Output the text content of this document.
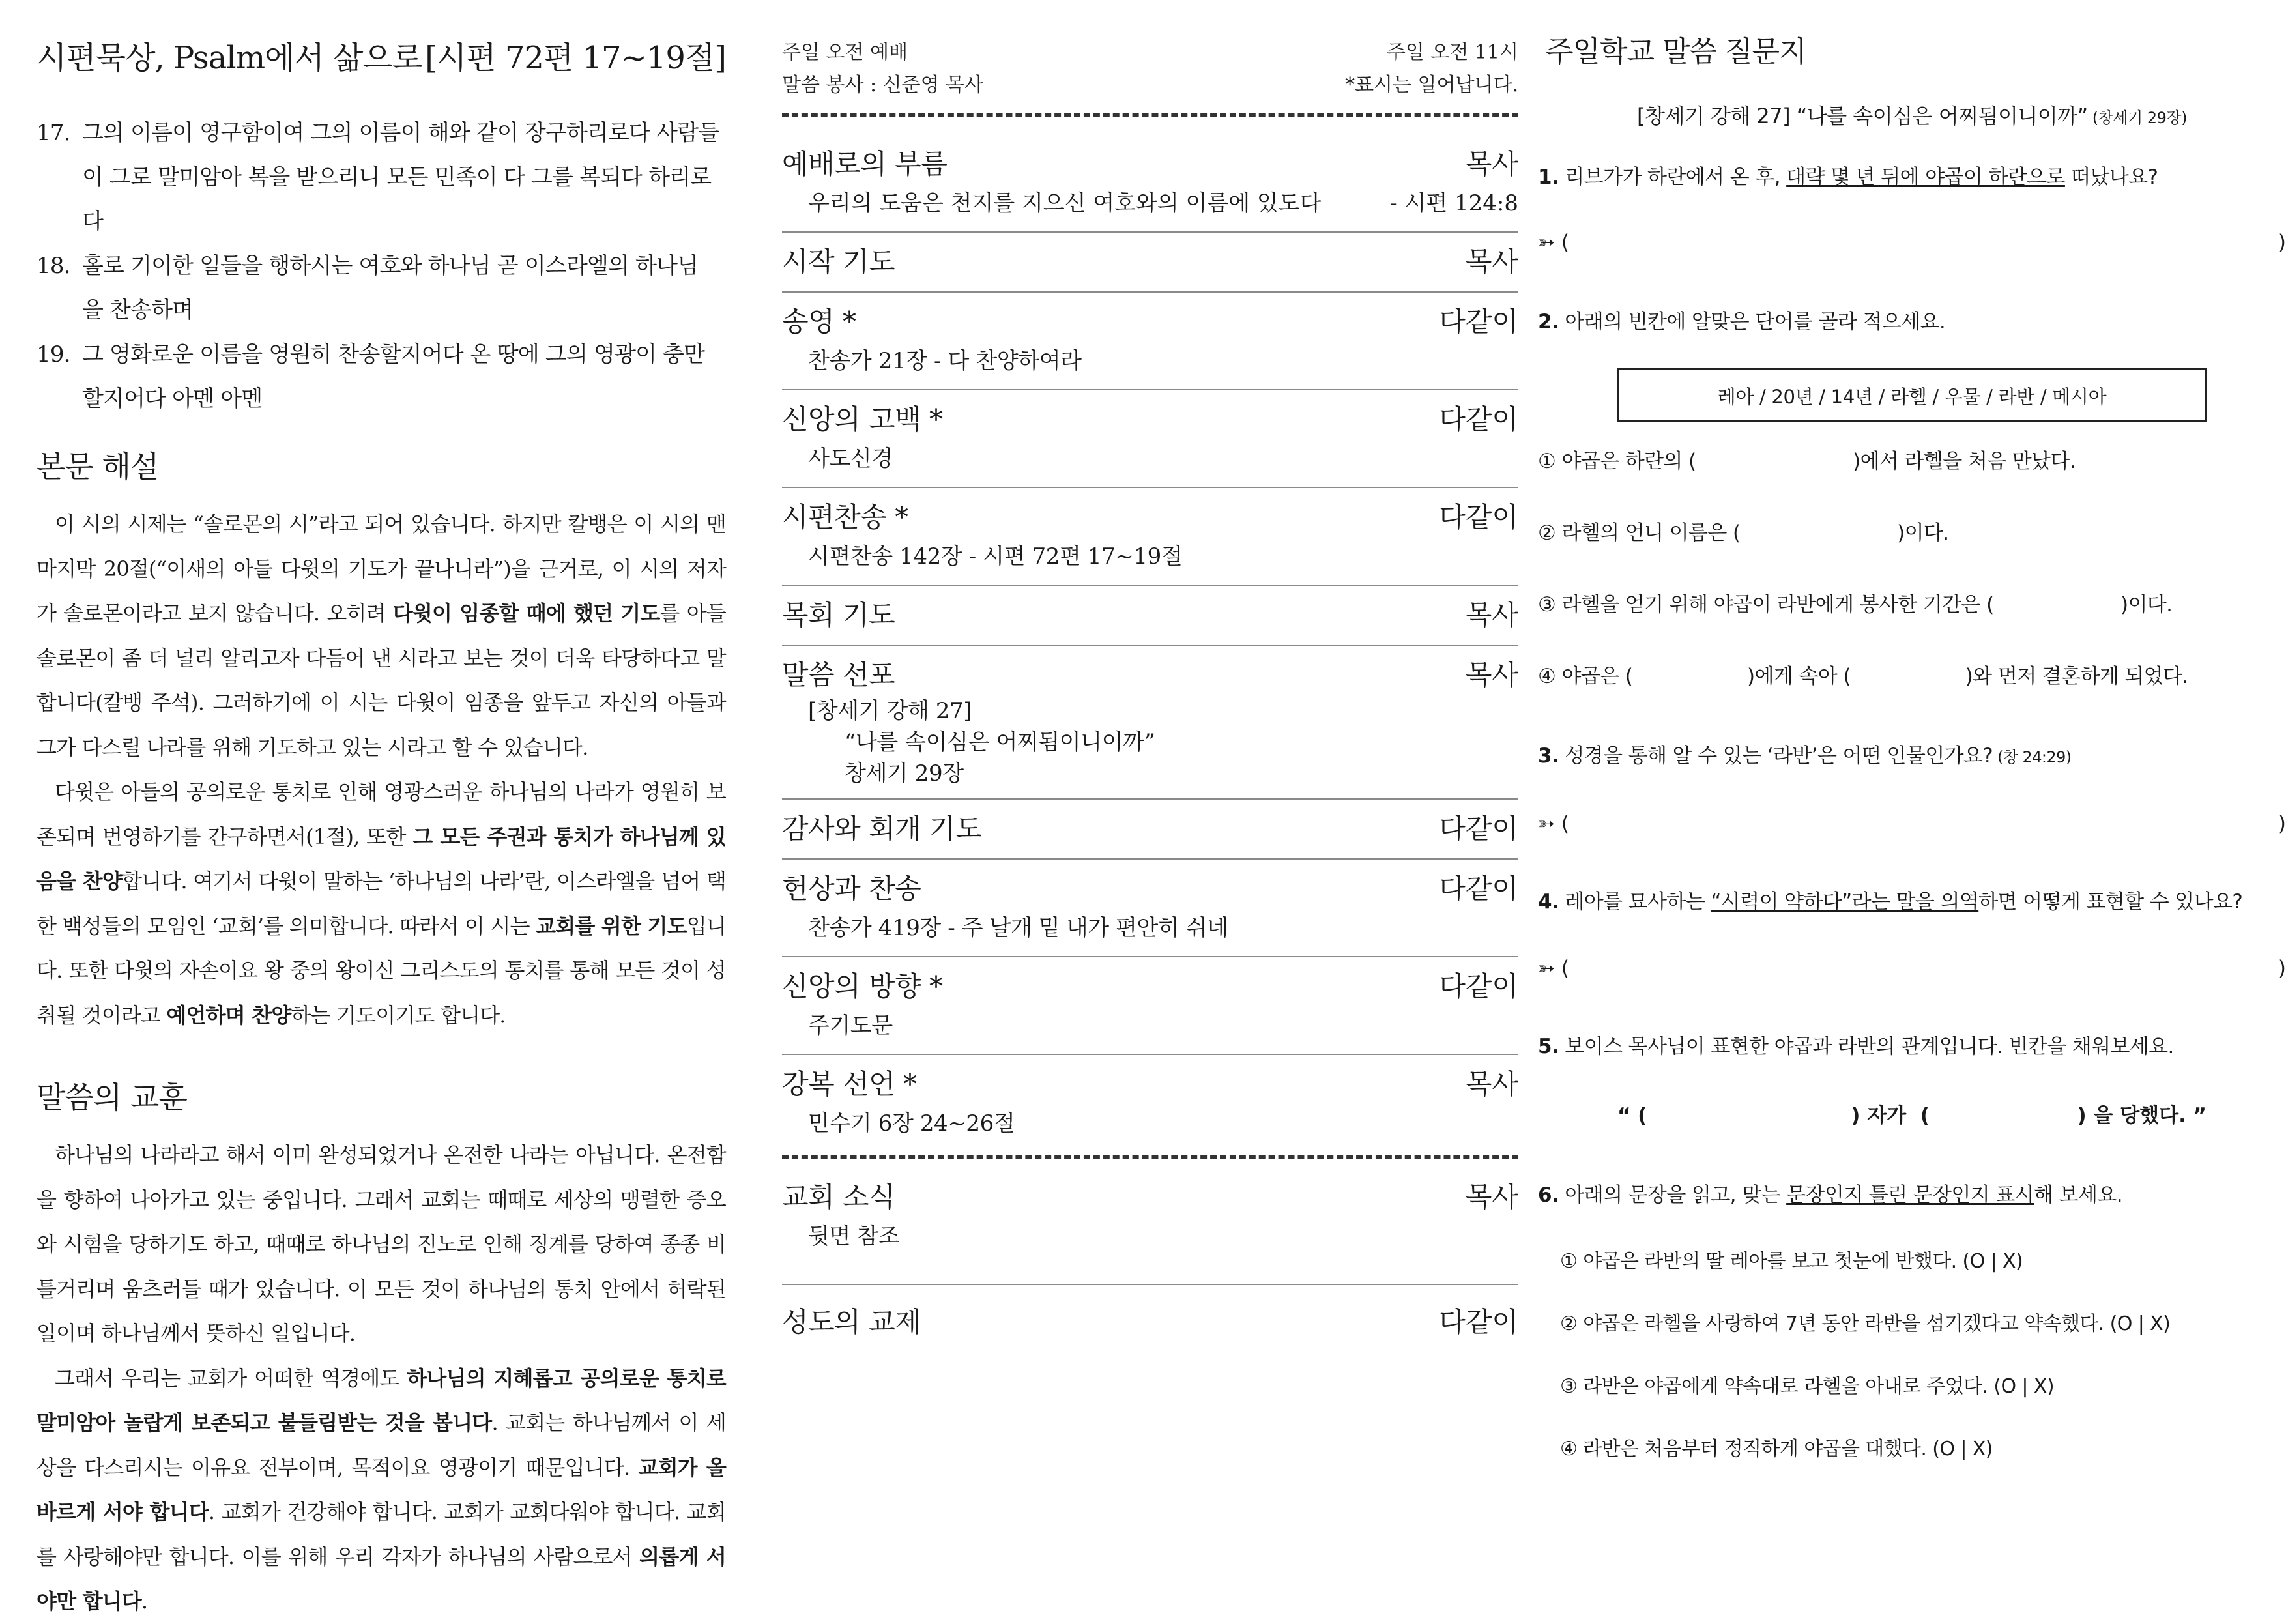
시편묵상, Psalm에서 삶으로 [시편 72편 17~19절]
17. 그의 이름이 영구함이여 그의 이름이 해와 같이 장구하리로다 사람들
이 그로 말미암아 복을 받으리니 모든 민족이 다 그를 복되다 하리로
다
18. 홀로 기이한 일들을 행하시는 여호와 하나님 곧 이스라엘의 하나님
을 찬송하며
19. 그 영화로운 이름을 영원히 찬송할지어다 온 땅에 그의 영광이 충만
할지어다 아멘 아멘
본문 해설

이 시의 시제는 “솔로몬의 시”라고 되어 있습니다. 하지만 칼뱅은 이 시의 맨 마지막 20절(“이새의 아들 다윗의 기도가 끝나니라”)을 근거로, 이 시의 저자가 솔로몬이라고 보지 않습니다. 오히려 다윗이 임종할 때에 했던 기도를 아들 솔로몬이 좀 더 널리 알리고자 다듬어 낸 시라고 보는 것이 더욱 타당하다고 말합니다(칼뱅 주석). 그러하기에 이 시는 다윗이 임종을 앞두고 자신의 아들과 그가 다스릴 나라를 위해 기도하고 있는 시라고 할 수 있습니다.

다윗은 아들의 공의로운 통치로 인해 영광스러운 하나님의 나라가 영원히 보존되며 번영하기를 간구하면서(1절), 또한 그 모든 주권과 통치가 하나님께 있음을 찬양합니다. 여기서 다윗이 말하는 ‘하나님의 나라’란, 이스라엘을 넘어 택한 백성들의 모임인 ‘교회’를 의미합니다. 따라서 이 시는 교회를 위한 기도입니다. 또한 다윗의 자손이요 왕 중의 왕이신 그리스도의 통치를 통해 모든 것이 성취될 것이라고 예언하며 찬양하는 기도이기도 합니다.

말씀의 교훈

하나님의 나라라고 해서 이미 완성되었거나 온전한 나라는 아닙니다. 온전함을 향하여 나아가고 있는 중입니다. 그래서 교회는 때때로 세상의 맹렬한 증오와 시험을 당하기도 하고, 때때로 하나님의 진노로 인해 징계를 당하여 종종 비틀거리며 움츠러들 때가 있습니다. 이 모든 것이 하나님의 통치 안에서 허락된 일이며 하나님께서 뜻하신 일입니다.

그래서 우리는 교회가 어떠한 역경에도 하나님의 지혜롭고 공의로운 통치로 말미암아 놀랍게 보존되고 붙들림받는 것을 봅니다. 교회는 하나님께서 이 세상을 다스리시는 이유요 전부이며, 목적이요 영광이기 때문입니다. 교회가 올바르게 서야 합니다. 교회가 건강해야 합니다. 교회가 교회다워야 합니다. 교회를 사랑해야만 합니다. 이를 위해 우리 각자가 하나님의 사람으로서 의롭게 서야만 합니다.

주일 오전 예배	주일 오전 11시
말씀 봉사 : 신준영 목사	*표시는 일어납니다.
예배로의 부름	목사
우리의 도움은 천지를 지으신 여호와의 이름에 있도다	- 시편 124:8
시작 기도	목사
송영 *	다같이
찬송가 21장 - 다 찬양하여라
신앙의 고백 *	다같이
사도신경
시편찬송 *	다같이
시편찬송 142장 - 시편 72편 17~19절
목회 기도	목사
말씀 선포	목사
[창세기 강해 27]
“나를 속이심은 어찌됨이니이까”
창세기 29장
감사와 회개 기도	다같이
헌상과 찬송	다같이
찬송가 419장 - 주 날개 밑 내가 편안히 쉬네
신앙의 방향 *	다같이
주기도문
강복 선언 *	목사
민수기 6장 24~26절
교회 소식	목사
뒷면 참조
성도의 교제	다같이
주일학교 말씀 질문지
[창세기 강해 27] “나를 속이심은 어찌됨이니이까” (창세기 29장)
1. 리브가가 하란에서 온 후, 대략 몇 년 뒤에 야곱이 하란으로 떠났나요?
➳ (	)
2. 아래의 빈칸에 알맞은 단어를 골라 적으세요.
레아 / 20년 / 14년 / 라헬 / 우물 / 라반 / 메시아
① 야곱은 하란의 (                          )에서 라헬을 처음 만났다.
② 라헬의 언니 이름은 (                          )이다.
③ 라헬을 얻기 위해 야곱이 라반에게 봉사한 기간은 (                     )이다.
④ 야곱은 (                   )에게 속아 (                   )와 먼저 결혼하게 되었다.
3. 성경을 통해 알 수 있는 ‘라반’은 어떤 인물인가요? (창 24:29)
➳ (	)
4. 레아를 묘사하는 “시력이 약하다”라는 말을 의역하면 어떻게 표현할 수 있나요?
➳ (	)
5. 보이스 목사님이 표현한 야곱과 라반의 관계입니다. 빈칸을 채워보세요.
“ (                             ) 자가  (                     ) 을 당했다. ”
6. 아래의 문장을 읽고, 맞는 문장인지 틀린 문장인지 표시해 보세요.
① 야곱은 라반의 딸 레아를 보고 첫눈에 반했다. (O | X)
② 야곱은 라헬을 사랑하여 7년 동안 라반을 섬기겠다고 약속했다. (O | X)
③ 라반은 야곱에게 약속대로 라헬을 아내로 주었다. (O | X)
④ 라반은 처음부터 정직하게 야곱을 대했다. (O | X)
